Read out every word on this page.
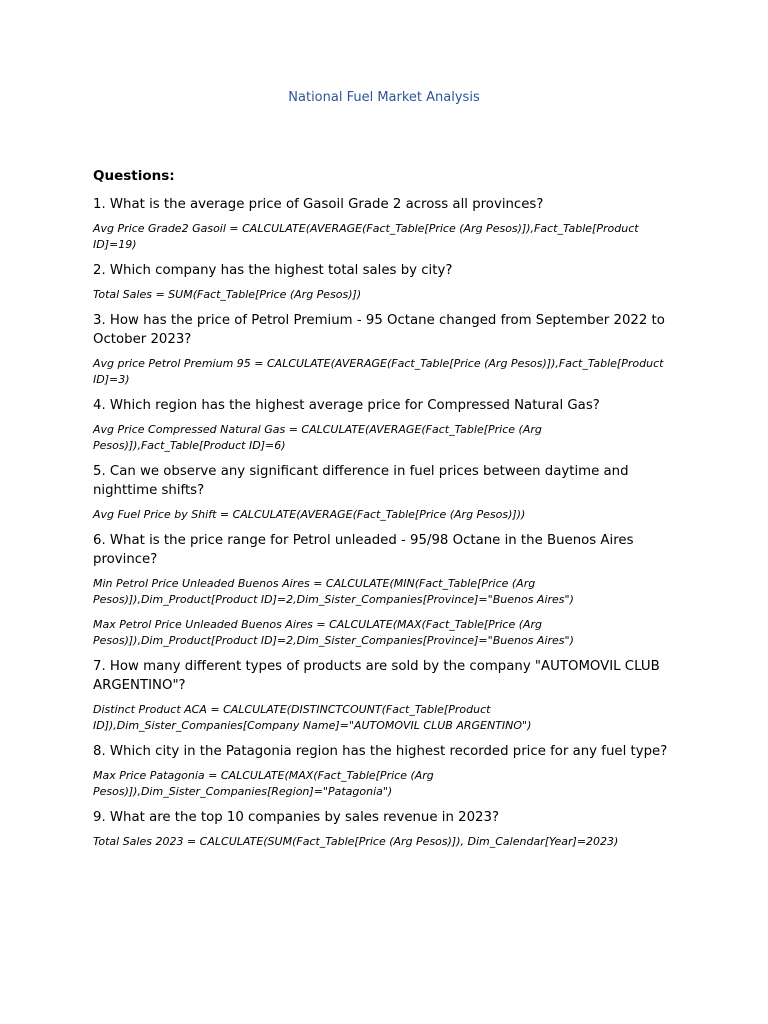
National Fuel Market Analysis
Questions:
1. What is the average price of Gasoil Grade 2 across all provinces?
Avg Price Grade2 Gasoil = CALCULATE(AVERAGE(Fact_Table[Price (Arg Pesos)]),Fact_Table[Product ID]=19)
2. Which company has the highest total sales by city?
Total Sales = SUM(Fact_Table[Price (Arg Pesos)])
3. How has the price of Petrol Premium - 95 Octane changed from September 2022 to October 2023?
Avg price Petrol Premium 95 = CALCULATE(AVERAGE(Fact_Table[Price (Arg Pesos)]),Fact_Table[Product ID]=3)
4. Which region has the highest average price for Compressed Natural Gas?
Avg Price Compressed Natural Gas = CALCULATE(AVERAGE(Fact_Table[Price (Arg Pesos)]),Fact_Table[Product ID]=6)
5. Can we observe any significant difference in fuel prices between daytime and nighttime shifts?
Avg Fuel Price by Shift = CALCULATE(AVERAGE(Fact_Table[Price (Arg Pesos)]))
6. What is the price range for Petrol unleaded - 95/98 Octane in the Buenos Aires province?
Min Petrol Price Unleaded Buenos Aires = CALCULATE(MIN(Fact_Table[Price (Arg Pesos)]),Dim_Product[Product ID]=2,Dim_Sister_Companies[Province]="Buenos Aires")
Max Petrol Price Unleaded Buenos Aires = CALCULATE(MAX(Fact_Table[Price (Arg Pesos)]),Dim_Product[Product ID]=2,Dim_Sister_Companies[Province]="Buenos Aires")
7. How many different types of products are sold by the company "AUTOMOVIL CLUB ARGENTINO"?
Distinct Product ACA = CALCULATE(DISTINCTCOUNT(Fact_Table[Product ID]),Dim_Sister_Companies[Company Name]="AUTOMOVIL CLUB ARGENTINO")
8. Which city in the Patagonia region has the highest recorded price for any fuel type?
Max Price Patagonia = CALCULATE(MAX(Fact_Table[Price (Arg Pesos)]),Dim_Sister_Companies[Region]="Patagonia")
9. What are the top 10 companies by sales revenue in 2023?
Total Sales 2023 = CALCULATE(SUM(Fact_Table[Price (Arg Pesos)]), Dim_Calendar[Year]=2023)
